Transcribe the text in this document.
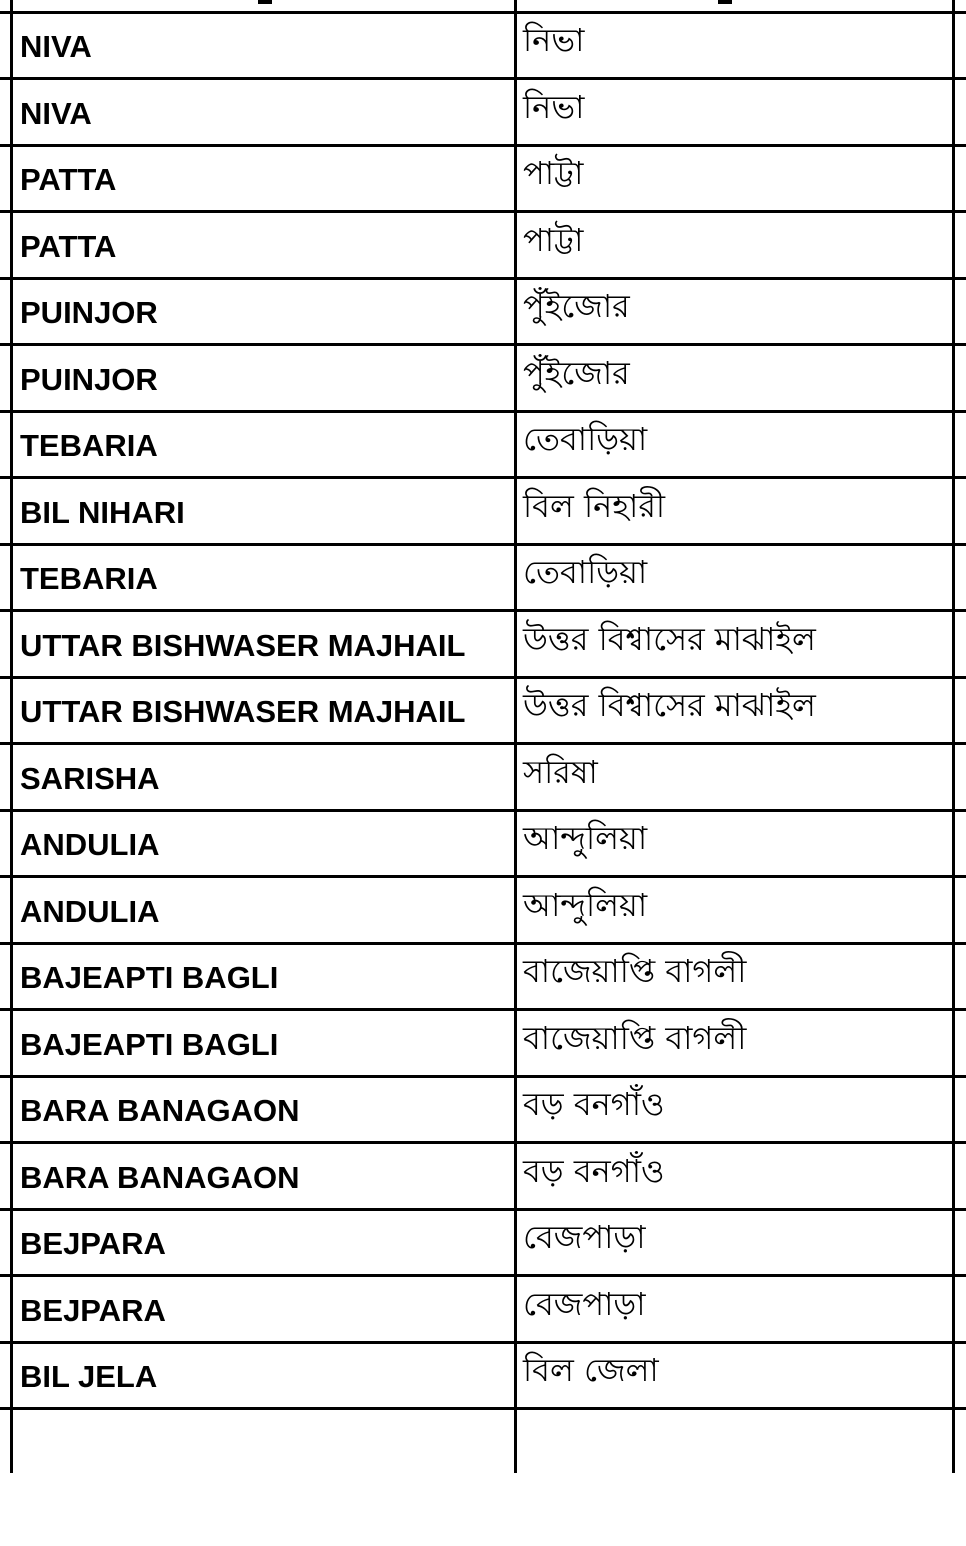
	NIVA	নিভা	
	NIVA	নিভা	
	PATTA	পাট্টা	
	PATTA	পাট্টা	
	PUINJOR	পুঁইজোর	
	PUINJOR	পুঁইজোর	
	TEBARIA	তেবাড়িয়া	
	BIL NIHARI	বিল নিহারী	
	TEBARIA	তেবাড়িয়া	
	UTTAR BISHWASER MAJHAIL	উত্তর বিশ্বাসের মাঝাইল	
	UTTAR BISHWASER MAJHAIL	উত্তর বিশ্বাসের মাঝাইল	
	SARISHA	সরিষা	
	ANDULIA	আন্দুলিয়া	
	ANDULIA	আন্দুলিয়া	
	BAJEAPTI BAGLI	বাজেয়াপ্তি বাগলী	
	BAJEAPTI BAGLI	বাজেয়াপ্তি বাগলী	
	BARA BANAGAON	বড় বনগাঁও	
	BARA BANAGAON	বড় বনগাঁও	
	BEJPARA	বেজপাড়া	
	BEJPARA	বেজপাড়া	
	BIL JELA	বিল জেলা	
